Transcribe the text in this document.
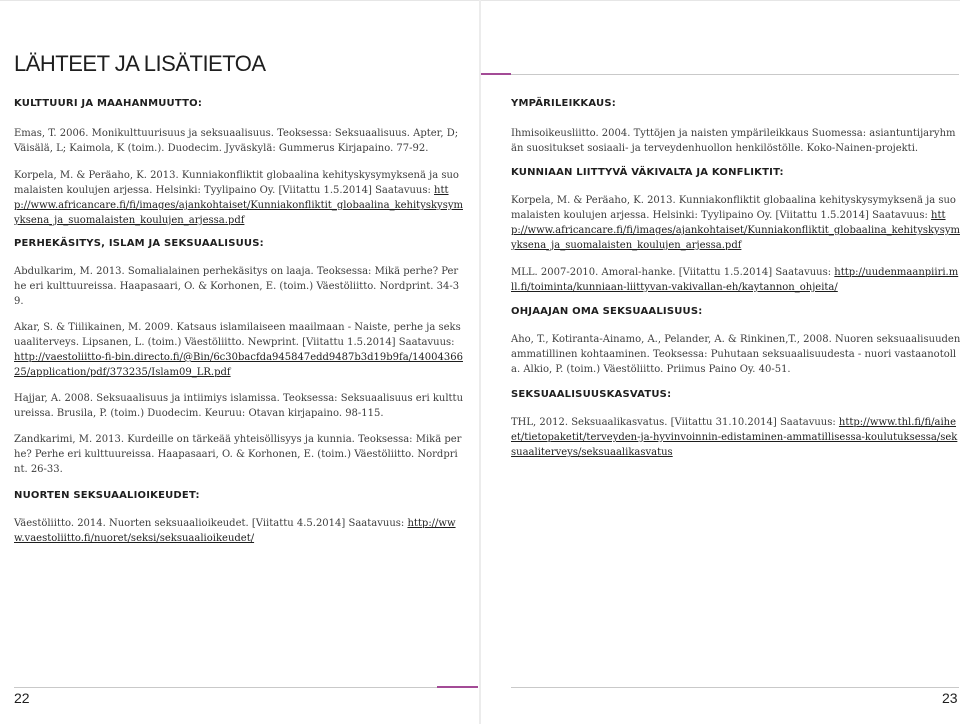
LÄHTEET JA LISÄTIETOA

KULTTUURI JA MAAHANMUUTTO:

Emas, T. 2006. Monikulttuurisuus ja seksuaalisuus. Teoksessa: Seksuaalisuus. Apter, D; Väisälä, L; Kaimola, K (toim.). Duodecim. Jyväskylä: Gummerus Kirjapaino. 77-92.

Korpela, M. & Peräaho, K. 2013. Kunniakonfliktit globaalina kehityskysymyksenä ja suomalaisten koulujen arjessa. Helsinki: Tyylipaino Oy. [Viitattu 1.5.2014] Saatavuus: http://www.africancare.fi/fi/images/ajankohtaiset/Kunniakonfliktit_globaalina_kehityskysymyksena_ja_suomalaisten_koulujen_arjessa.pdf

PERHEKÄSITYS, ISLAM JA SEKSUAALISUUS:

Abdulkarim, M. 2013. Somalialainen perhekäsitys on laaja. Teoksessa: Mikä perhe? Perhe eri kulttuureissa. Haapasaari, O. & Korhonen, E. (toim.) Väestöliitto. Nordprint. 34-39.

Akar, S. & Tiilikainen, M. 2009. Katsaus islamilaiseen maailmaan - Naiste, perhe ja seksuaaliterveys. Lipsanen, L. (toim.) Väestöliitto. Newprint. [Viitattu 1.5.2014] Saatavuus: http://vaestoliitto-fi-bin.directo.fi/@Bin/6c30bacfda945847edd9487b3d19b9fa/1400436625/application/pdf/373235/Islam09_LR.pdf

Hajjar, A. 2008. Seksuaalisuus ja intiimiys islamissa. Teoksessa: Seksuaalisuus eri kulttuureissa. Brusila, P. (toim.) Duodecim. Keuruu: Otavan kirjapaino. 98-115.

Zandkarimi, M. 2013. Kurdeille on tärkeää yhteisöllisyys ja kunnia. Teoksessa: Mikä perhe? Perhe eri kulttuureissa. Haapasaari, O. & Korhonen, E. (toim.) Väestöliitto. Nordprint. 26-33.

NUORTEN SEKSUAALIOIKEUDET:

Väestöliitto. 2014. Nuorten seksuaalioikeudet. [Viitattu 4.5.2014] Saatavuus: http://www.vaestoliitto.fi/nuoret/seksi/seksuaalioikeudet/

22

YMPÄRILEIKKAUS:

Ihmisoikeusliitto. 2004. Tyttöjen ja naisten ympärileikkaus Suomessa: asiantuntijaryhmän suositukset sosiaali- ja terveydenhuollon henkilöstölle. Koko-Nainen-projekti.

KUNNIAAN LIITTYVÄ VÄKIVALTA JA KONFLIKTIT:

Korpela, M. & Peräaho, K. 2013. Kunniakonfliktit globaalina kehityskysymyksenä ja suomalaisten koulujen arjessa. Helsinki: Tyylipaino Oy. [Viitattu 1.5.2014] Saatavuus: http://www.africancare.fi/fi/images/ajankohtaiset/Kunniakonfliktit_globaalina_kehityskysymyksena_ja_suomalaisten_koulujen_arjessa.pdf

MLL. 2007-2010. Amoral-hanke. [Viitattu 1.5.2014] Saatavuus: http://uudenmaanpiiri.mll.fi/toiminta/kunniaan-liittyvan-vakivallan-eh/kaytannon_ohjeita/

OHJAAJAN OMA SEKSUAALISUUS:

Aho, T., Kotiranta-Ainamo, A., Pelander, A. & Rinkinen,T., 2008. Nuoren seksuaalisuuden ammatillinen kohtaaminen. Teoksessa: Puhutaan seksuaalisuudesta - nuori vastaanotolla. Alkio, P. (toim.) Väestöliitto. Priimus Paino Oy. 40-51.

SEKSUAALISUUSKASVATUS:

THL, 2012. Seksuaalikasvatus. [Viitattu 31.10.2014] Saatavuus: http://www.thl.fi/fi/aiheet/tietopaketit/terveyden-ja-hyvinvoinnin-edistaminen-ammatillisessa-koulutuksessa/seksuaaliterveys/seksuaalikasvatus

23
